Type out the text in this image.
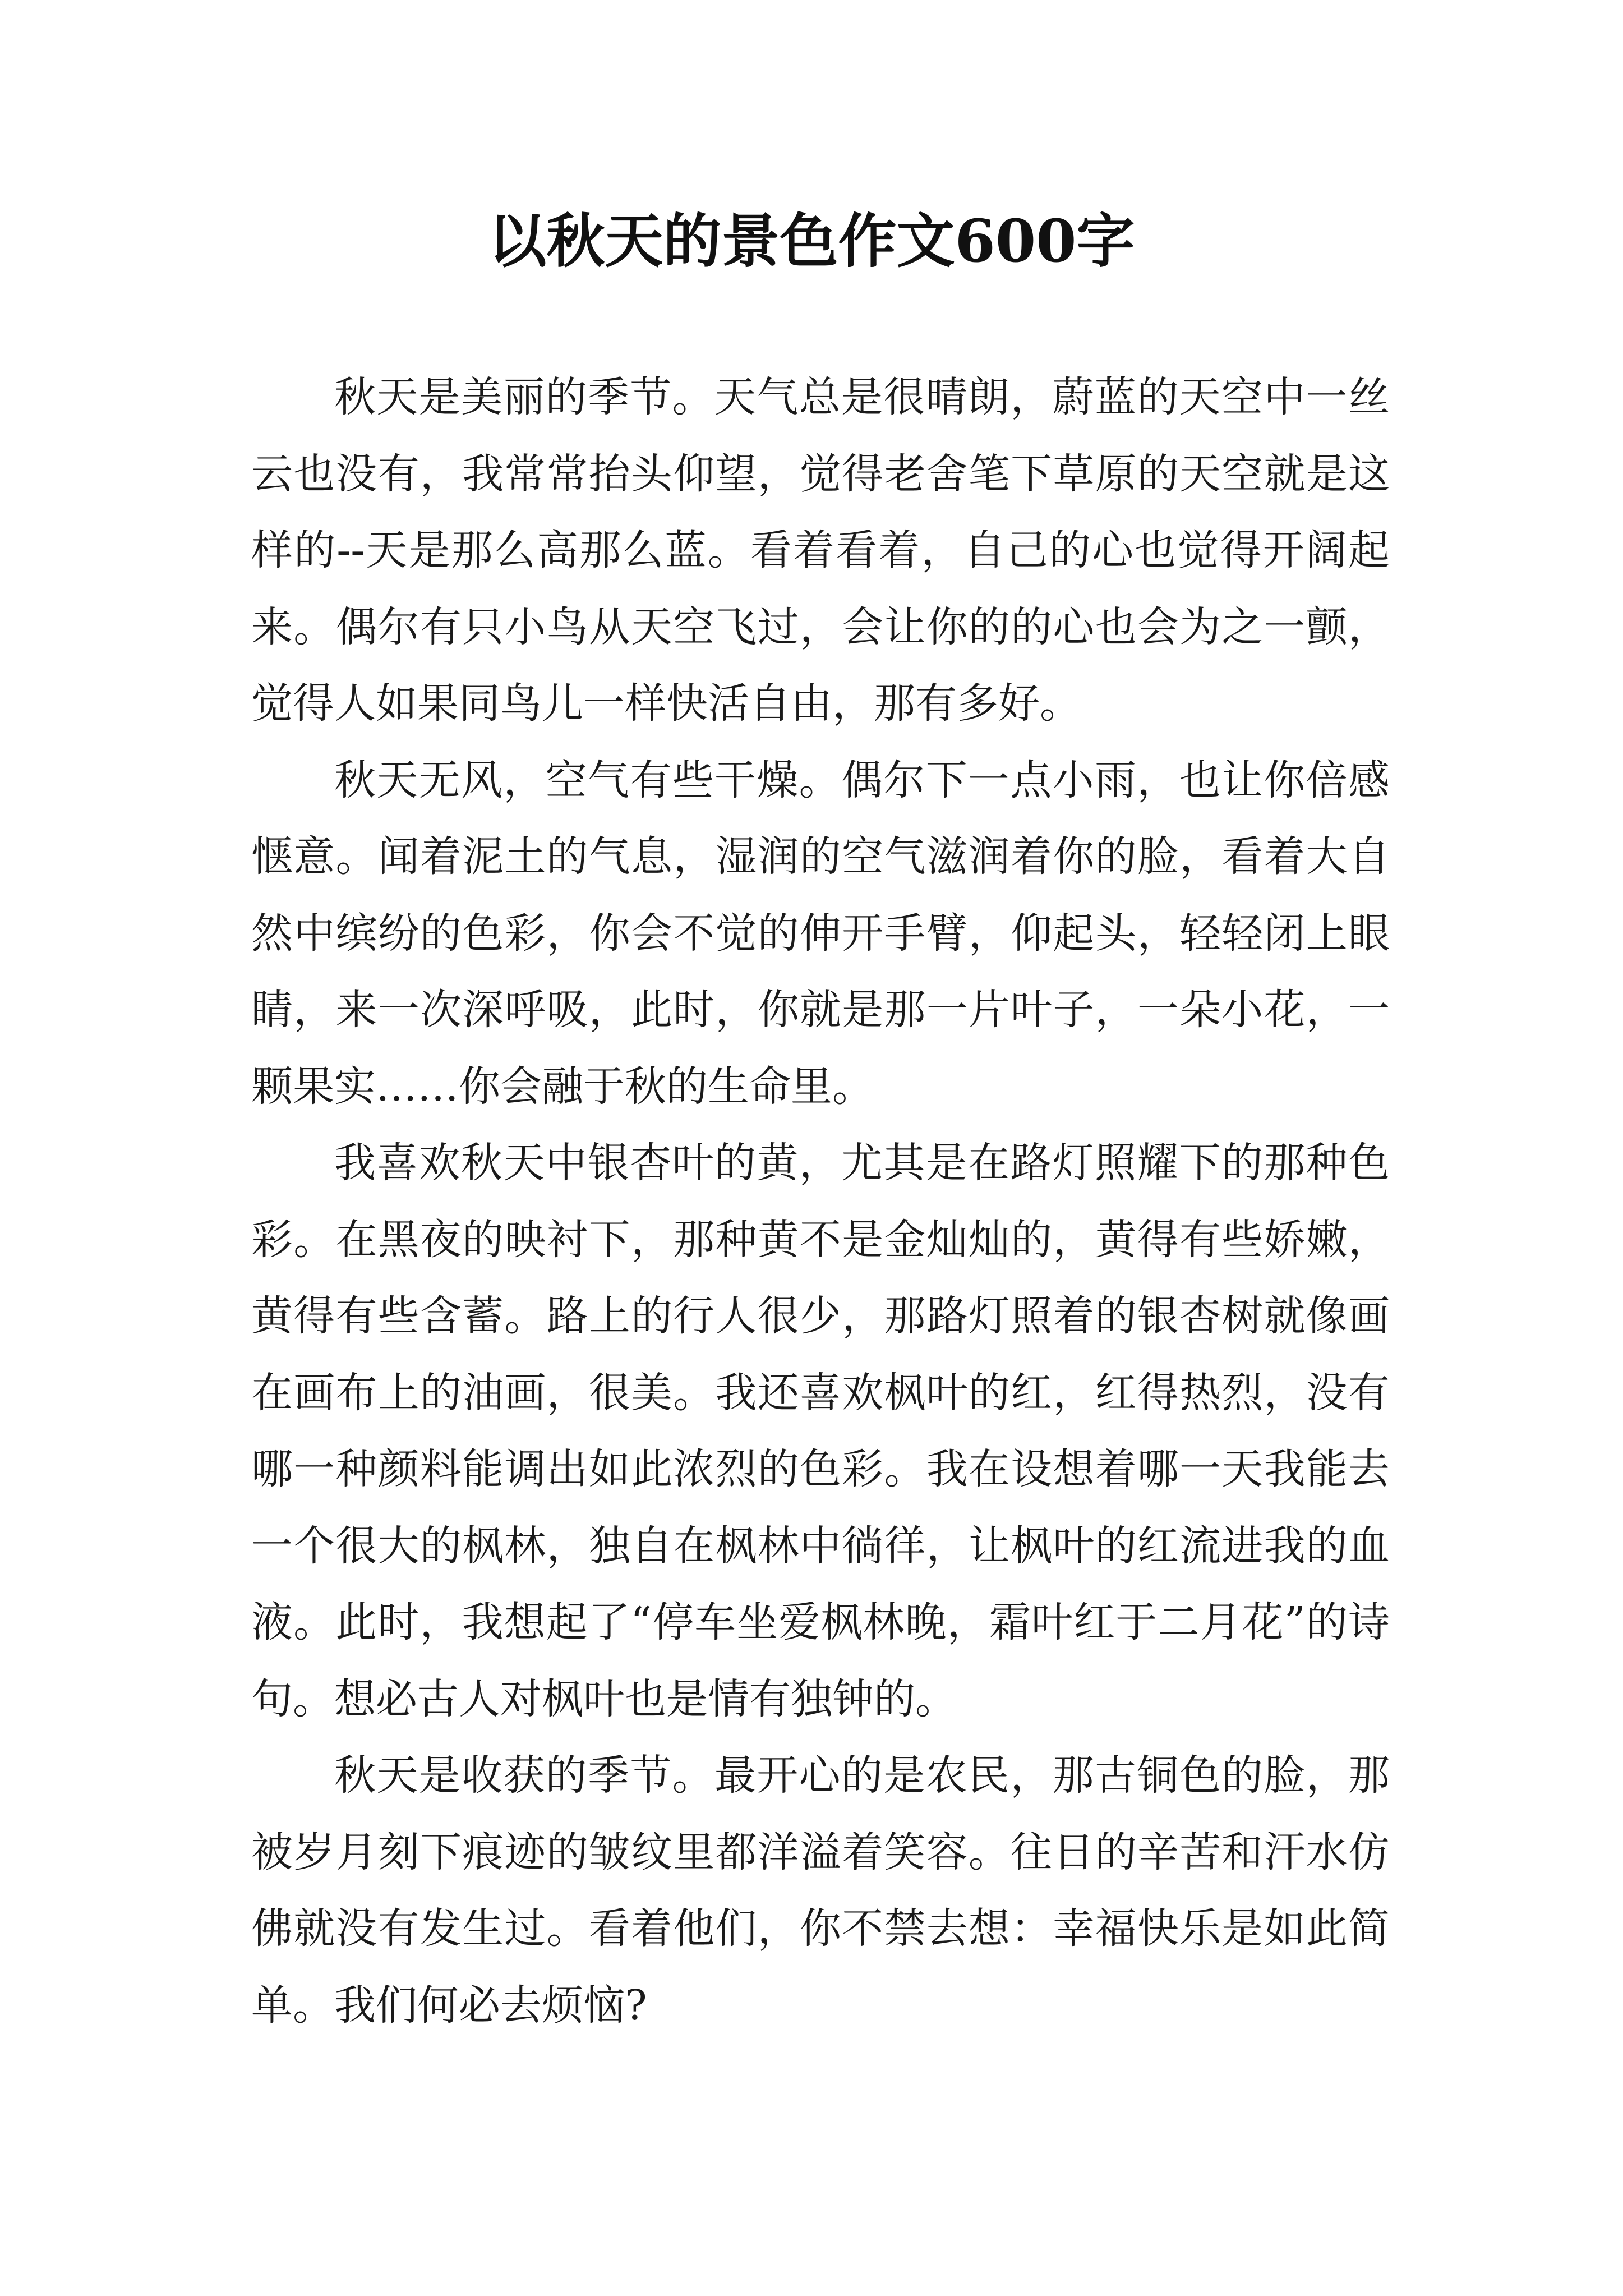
以秋天的景色作文600字

秋天是美丽的季节。天气总是很晴朗，蔚蓝的天空中一丝云也没有，我常常抬头仰望，觉得老舍笔下草原的天空就是这样的--天是那么高那么蓝。看着看着，自己的心也觉得开阔起来。偶尔有只小鸟从天空飞过，会让你的的心也会为之一颤，觉得人如果同鸟儿一样快活自由，那有多好。

秋天无风，空气有些干燥。偶尔下一点小雨，也让你倍感惬意。闻着泥土的气息，湿润的空气滋润着你的脸，看着大自然中缤纷的色彩，你会不觉的伸开手臂，仰起头，轻轻闭上眼睛，来一次深呼吸，此时，你就是那一片叶子，一朵小花，一颗果实……你会融于秋的生命里。

我喜欢秋天中银杏叶的黄，尤其是在路灯照耀下的那种色彩。在黑夜的映衬下，那种黄不是金灿灿的，黄得有些娇嫩，黄得有些含蓄。路上的行人很少，那路灯照着的银杏树就像画在画布上的油画，很美。我还喜欢枫叶的红，红得热烈，没有哪一种颜料能调出如此浓烈的色彩。我在设想着哪一天我能去一个很大的枫林，独自在枫林中徜徉，让枫叶的红流进我的血液。此时，我想起了“停车坐爱枫林晚，霜叶红于二月花”的诗句。想必古人对枫叶也是情有独钟的。

秋天是收获的季节。最开心的是农民，那古铜色的脸，那被岁月刻下痕迹的皱纹里都洋溢着笑容。往日的辛苦和汗水仿佛就没有发生过。看着他们，你不禁去想：幸福快乐是如此简单。我们何必去烦恼?
